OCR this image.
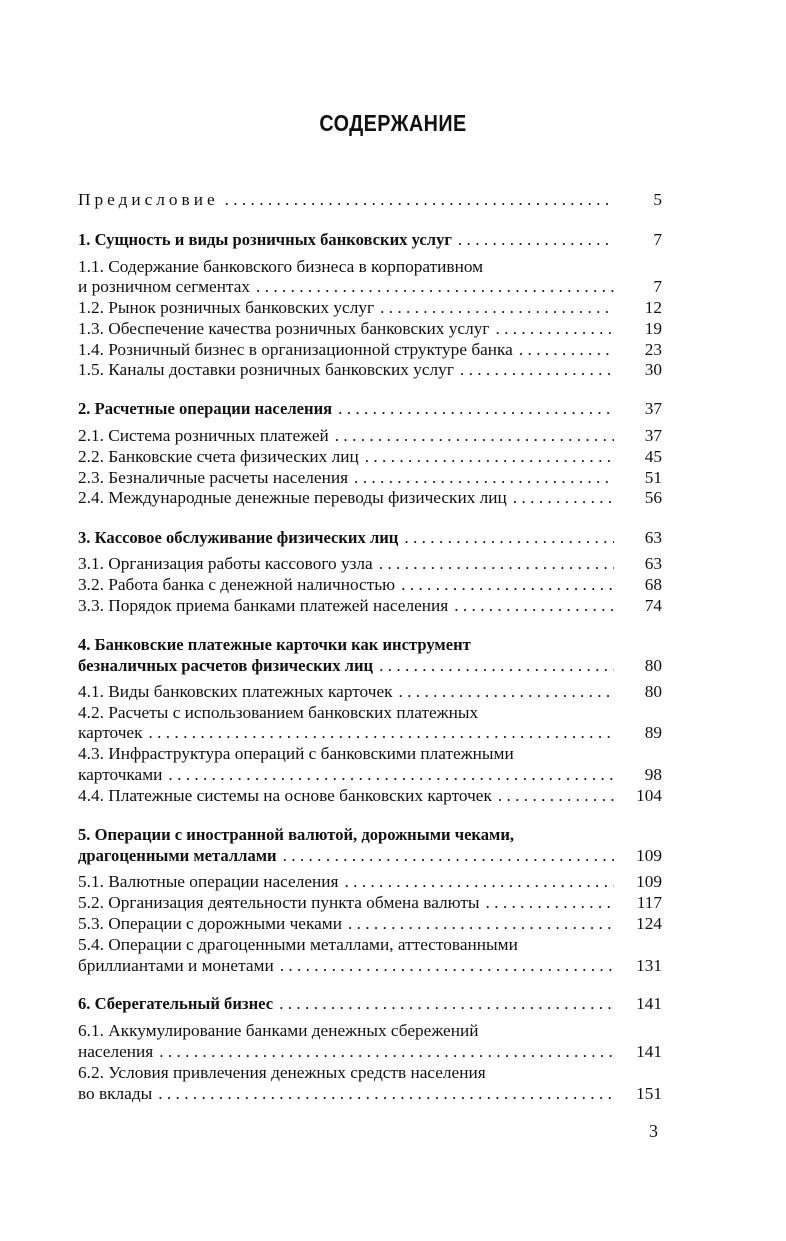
СОДЕРЖАНИЕ
Предисловие . . .	5
1. Сущность и виды розничных банковских услуг . . .	7
1.1. Содержание банковского бизнеса в корпоративном
и розничном сегментах . . .	7
1.2. Рынок розничных банковских услуг . . .	12
1.3. Обеспечение качества розничных банковских услуг . . .	19
1.4. Розничный бизнес в организационной структуре банка . . .	23
1.5. Каналы доставки розничных банковских услуг . . .	30
2. Расчетные операции населения . . .	37
2.1. Система розничных платежей . . .	37
2.2. Банковские счета физических лиц . . .	45
2.3. Безналичные расчеты населения . . .	51
2.4. Международные денежные переводы физических лиц . . .	56
3. Кассовое обслуживание физических лиц . . .	63
3.1. Организация работы кассового узла . . .	63
3.2. Работа банка с денежной наличностью . . .	68
3.3. Порядок приема банками платежей населения . . .	74
4. Банковские платежные карточки как инструмент
безналичных расчетов физических лиц . . .	80
4.1. Виды банковских платежных карточек . . .	80
4.2. Расчеты с использованием банковских платежных
карточек . . .	89
4.3. Инфраструктура операций с банковскими платежными
карточками . . .	98
4.4. Платежные системы на основе банковских карточек . . .	104
5. Операции с иностранной валютой, дорожными чеками,
драгоценными металлами . . .	109
5.1. Валютные операции населения . . .	109
5.2. Организация деятельности пункта обмена валюты . . .	117
5.3. Операции с дорожными чеками . . .	124
5.4. Операции с драгоценными металлами, аттестованными
бриллиантами и монетами . . .	131
6. Сберегательный бизнес . . .	141
6.1. Аккумулирование банками денежных сбережений
населения . . .	141
6.2. Условия привлечения денежных средств населения
во вклады . . .	151
3
